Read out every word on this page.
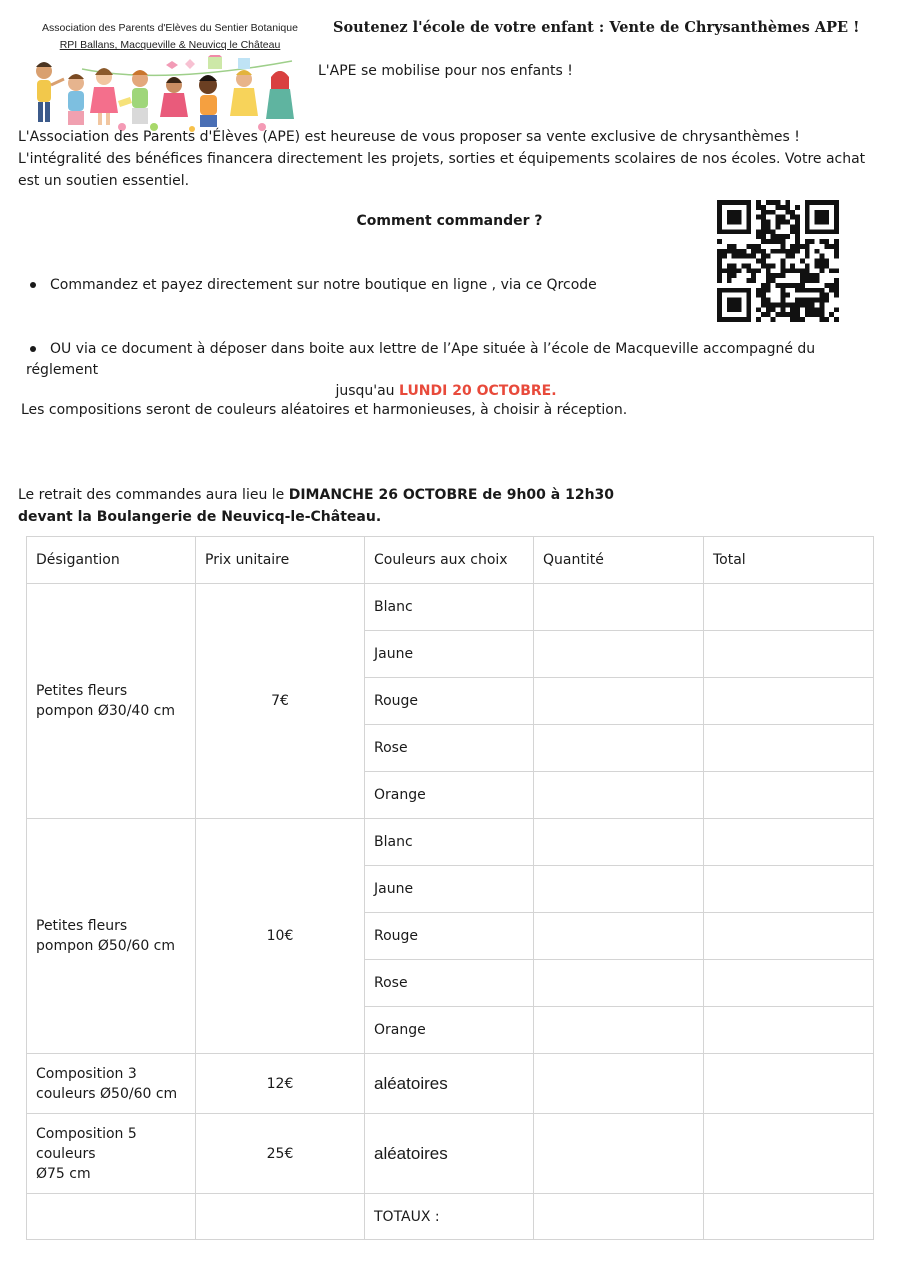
Association des Parents d'Elèves du Sentier Botanique
RPI Ballans, Macqueville & Neuvicq le Château
Soutenez l'école de votre enfant : Vente de Chrysanthèmes APE !
L'APE se mobilise pour nos enfants !

L'Association des Parents d'Élèves (APE) est heureuse de vous proposer sa vente exclusive de chrysanthèmes !

L'intégralité des bénéfices financera directement les projets, sorties et équipements scolaires de nos écoles. Votre achat est un soutien essentiel.

Comment commander ?
Commandez et payez directement sur notre boutique en ligne , via ce Qrcode
OU via ce document à déposer dans boite aux lettre de l’Ape située à l’école de Macqueville accompagné du réglement
jusqu'au LUNDI 20 OCTOBRE.
Les compositions seront de couleurs aléatoires et harmonieuses, à choisir à réception.
Le retrait des commandes aura lieu le DIMANCHE 26 OCTOBRE de 9h00 à 12h30
devant la Boulangerie de Neuvicq-le-Château.
Désigantion	Prix unitaire	Couleurs aux choix	Quantité	Total
Petites fleurs pompon Ø30/40 cm	7€	Blanc		
		Jaune		
		Rouge		
		Rose		
		Orange		
Petites fleurs pompon Ø50/60 cm	10€	Blanc		
		Jaune		
		Rouge		
		Rose		
		Orange		
Composition 3 couleurs Ø50/60 cm	12€	aléatoires		
Composition 5 couleurs
Ø75 cm	25€	aléatoires		
		TOTAUX :		
